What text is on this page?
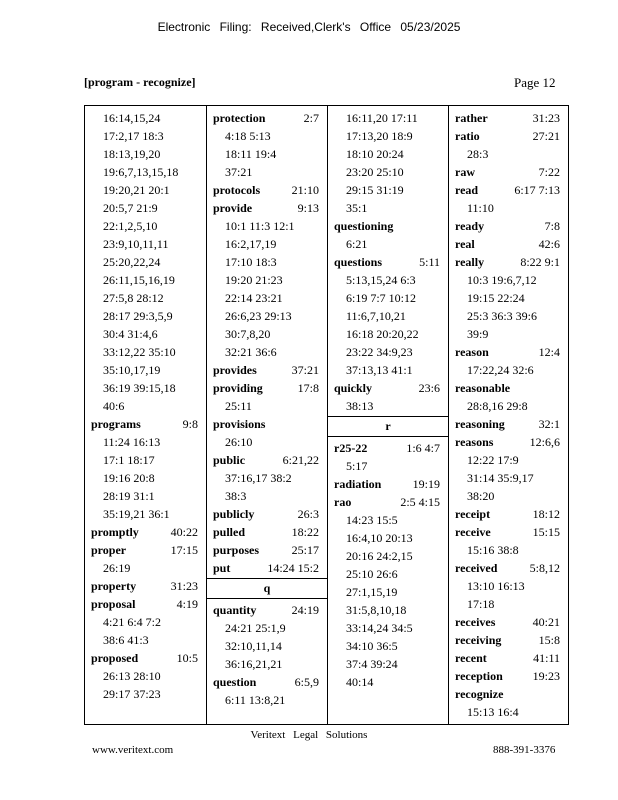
Electronic Filing: Received,Clerk's Office 05/23/2025
[program - recognize]	Page 12
16:14,15,24
17:2,17 18:3
18:13,19,20
19:6,7,13,15,18
19:20,21 20:1
20:5,7 21:9
22:1,2,5,10
23:9,10,11,11
25:20,22,24
26:11,15,16,19
27:5,8 28:12
28:17 29:3,5,9
30:4 31:4,6
33:12,22 35:10
35:10,17,19
36:19 39:15,18
40:6
programs	9:8
11:24 16:13
17:1 18:17
19:16 20:8
28:19 31:1
35:19,21 36:1
promptly	40:22
proper	17:15
26:19
property	31:23
proposal	4:19
4:21 6:4 7:2
38:6 41:3
proposed	10:5
26:13 28:10
29:17 37:23
protection	2:7
4:18 5:13
18:11 19:4
37:21
protocols	21:10
provide	9:13
10:1 11:3 12:1
16:2,17,19
17:10 18:3
19:20 21:23
22:14 23:21
26:6,23 29:13
30:7,8,20
32:21 36:6
provides	37:21
providing	17:8
25:11
provisions
26:10
public	6:21,22
37:16,17 38:2
38:3
publicly	26:3
pulled	18:22
purposes	25:17
put	14:24 15:2
q
quantity	24:19
24:21 25:1,9
32:10,11,14
36:16,21,21
question	6:5,9
6:11 13:8,21
16:11,20 17:11
17:13,20 18:9
18:10 20:24
23:20 25:10
29:15 31:19
35:1
questioning
6:21
questions	5:11
5:13,15,24 6:3
6:19 7:7 10:12
11:6,7,10,21
16:18 20:20,22
23:22 34:9,23
37:13,13 41:1
quickly	23:6
38:13
r
r25-22	1:6 4:7
5:17
radiation	19:19
rao	2:5 4:15
14:23 15:5
16:4,10 20:13
20:16 24:2,15
25:10 26:6
27:1,15,19
31:5,8,10,18
33:14,24 34:5
34:10 36:5
37:4 39:24
40:14
rather	31:23
ratio	27:21
28:3
raw	7:22
read	6:17 7:13
11:10
ready	7:8
real	42:6
really	8:22 9:1
10:3 19:6,7,12
19:15 22:24
25:3 36:3 39:6
39:9
reason	12:4
17:22,24 32:6
reasonable
28:8,16 29:8
reasoning	32:1
reasons	12:6,6
12:22 17:9
31:14 35:9,17
38:20
receipt	18:12
receive	15:15
15:16 38:8
received	5:8,12
13:10 16:13
17:18
receives	40:21
receiving	15:8
recent	41:11
reception 19:23
recognize
15:13 16:4
Veritext Legal Solutions
www.veritext.com	888-391-3376
